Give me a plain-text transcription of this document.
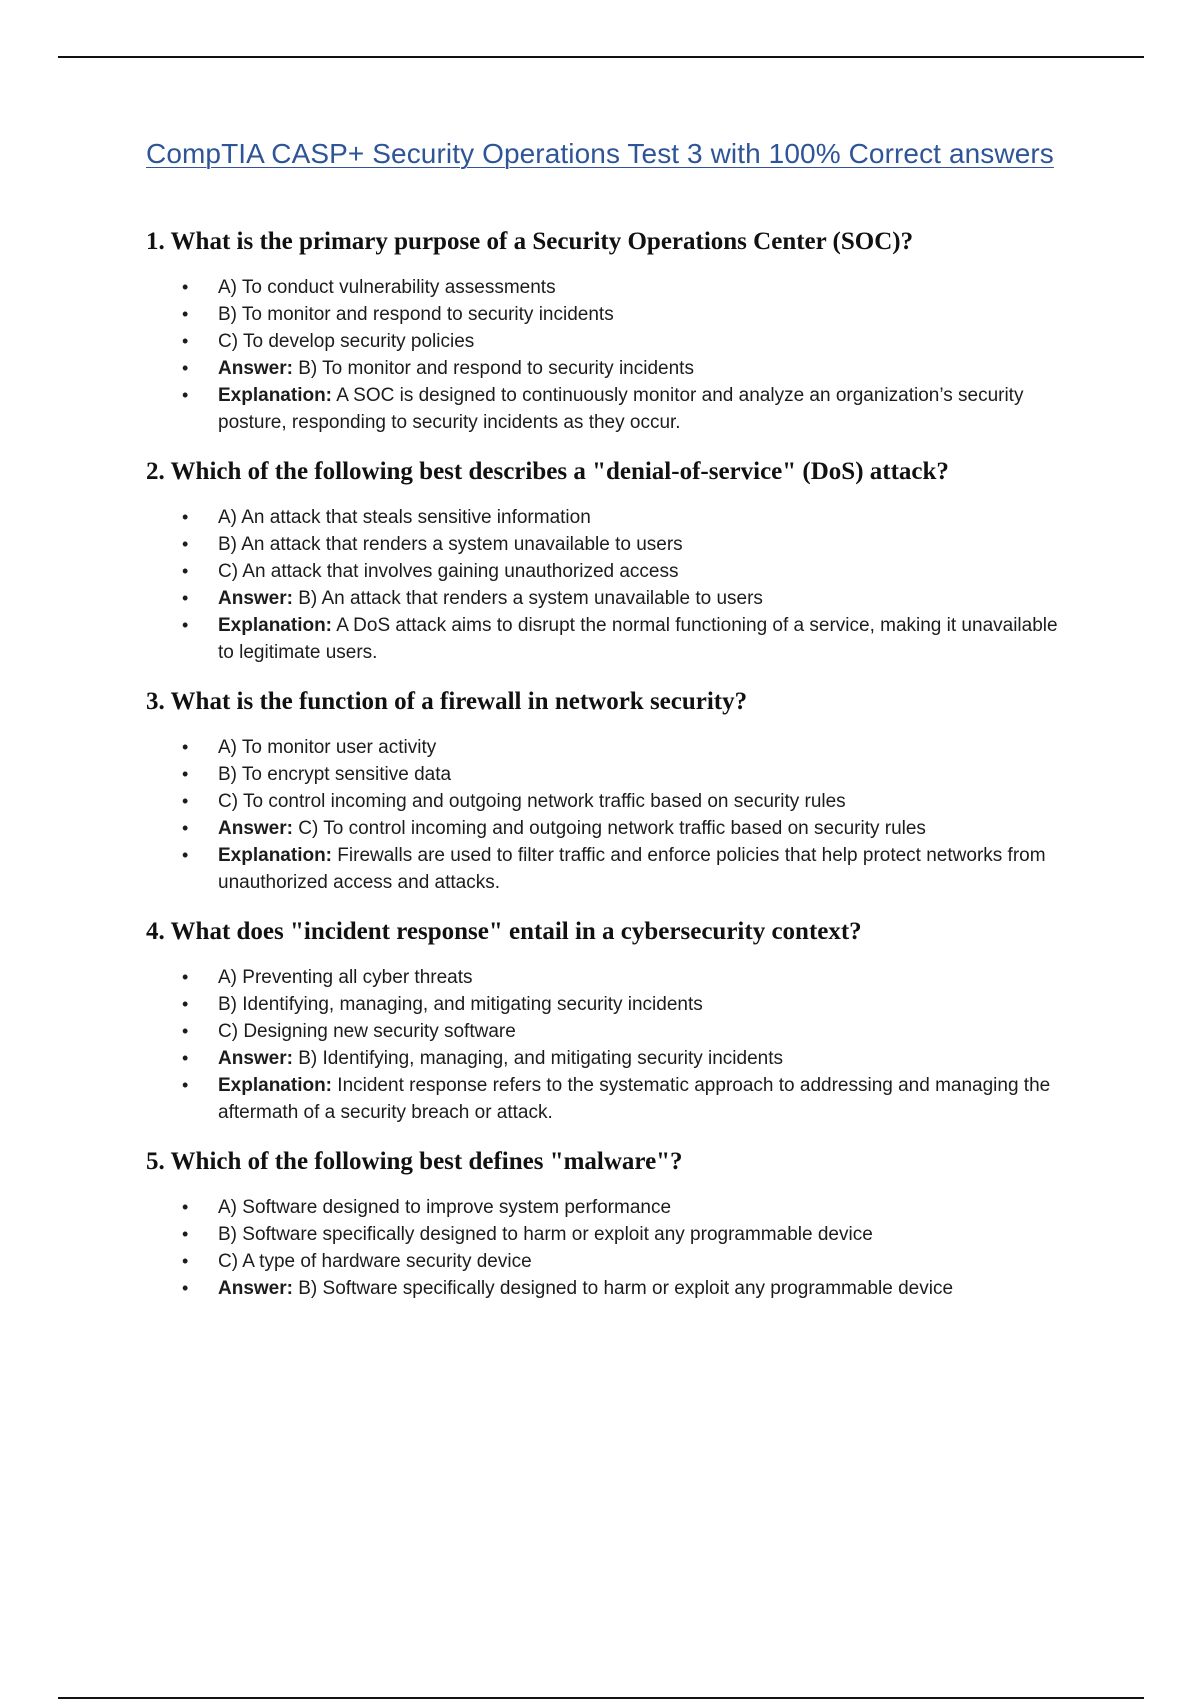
CompTIA CASP+ Security Operations Test 3 with 100% Correct answers
1. What is the primary purpose of a Security Operations Center (SOC)?
• A) To conduct vulnerability assessments
• B) To monitor and respond to security incidents
• C) To develop security policies
• Answer: B) To monitor and respond to security incidents
• Explanation: A SOC is designed to continuously monitor and analyze an organization’s security posture, responding to security incidents as they occur.
2. Which of the following best describes a "denial-of-service" (DoS) attack?
• A) An attack that steals sensitive information
• B) An attack that renders a system unavailable to users
• C) An attack that involves gaining unauthorized access
• Answer: B) An attack that renders a system unavailable to users
• Explanation: A DoS attack aims to disrupt the normal functioning of a service, making it unavailable to legitimate users.
3. What is the function of a firewall in network security?
• A) To monitor user activity
• B) To encrypt sensitive data
• C) To control incoming and outgoing network traffic based on security rules
• Answer: C) To control incoming and outgoing network traffic based on security rules
• Explanation: Firewalls are used to filter traffic and enforce policies that help protect networks from unauthorized access and attacks.
4. What does "incident response" entail in a cybersecurity context?
• A) Preventing all cyber threats
• B) Identifying, managing, and mitigating security incidents
• C) Designing new security software
• Answer: B) Identifying, managing, and mitigating security incidents
• Explanation: Incident response refers to the systematic approach to addressing and managing the aftermath of a security breach or attack.
5. Which of the following best defines "malware"?
• A) Software designed to improve system performance
• B) Software specifically designed to harm or exploit any programmable device
• C) A type of hardware security device
• Answer: B) Software specifically designed to harm or exploit any programmable device
